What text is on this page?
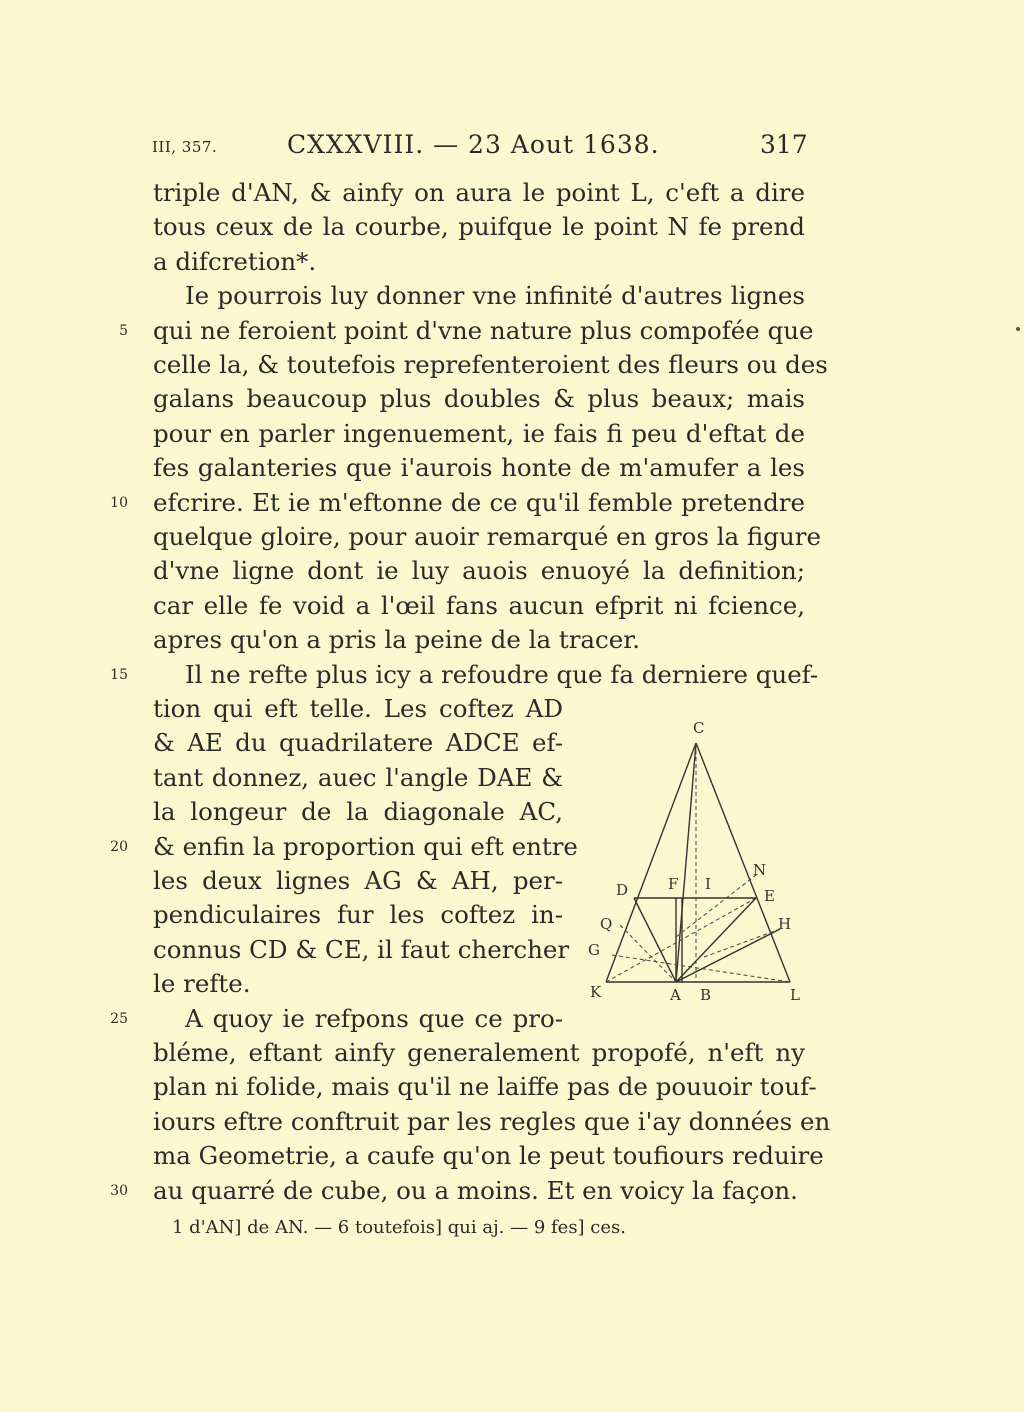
III, 357.	CXXXVIII. — 23 Aout 1638.	317
triple d'AN, & ainfy on aura le point L, c'eft a dire
tous ceux de la courbe, puifque le point N fe prend
a difcretion*.
Ie pourrois luy donner vne infinité d'autres lignes
qui ne feroient point d'vne nature plus compofée que
5
celle la, & toutefois reprefenteroient des fleurs ou des
galans beaucoup plus doubles & plus beaux; mais
pour en parler ingenuement, ie fais fi peu d'eftat de
fes galanteries que i'aurois honte de m'amufer a les
efcrire. Et ie m'eftonne de ce qu'il femble pretendre
10
quelque gloire, pour auoir remarqué en gros la figure
d'vne ligne dont ie luy auois enuoyé la definition;
car elle fe void a l'œil fans aucun efprit ni fcience,
apres qu'on a pris la peine de la tracer.
Il ne refte plus icy a refoudre que fa derniere quef-
15
tion qui eft telle. Les coftez AD
& AE du quadrilatere ADCE ef-
tant donnez, auec l'angle DAE &
la longeur de la diagonale AC,
& enfin la proportion qui eft entre
20
les deux lignes AG & AH, per-
pendiculaires fur les coftez in-
connus CD & CE, il faut chercher
le refte.
A quoy ie refpons que ce pro-
25
bléme, eftant ainfy generalement propofé, n'eft ny
plan ni folide, mais qu'il ne laiffe pas de pouuoir touf-
iours eftre conftruit par les regles que i'ay données en
ma Geometrie, a caufe qu'on le peut toufiours reduire
au quarré de cube, ou a moins. Et en voicy la façon.
30
C
D	F I
N
E
Q	H
G
K	A B	L
1 d'AN] de AN. — 6 toutefois] qui aj. — 9 fes] ces.
